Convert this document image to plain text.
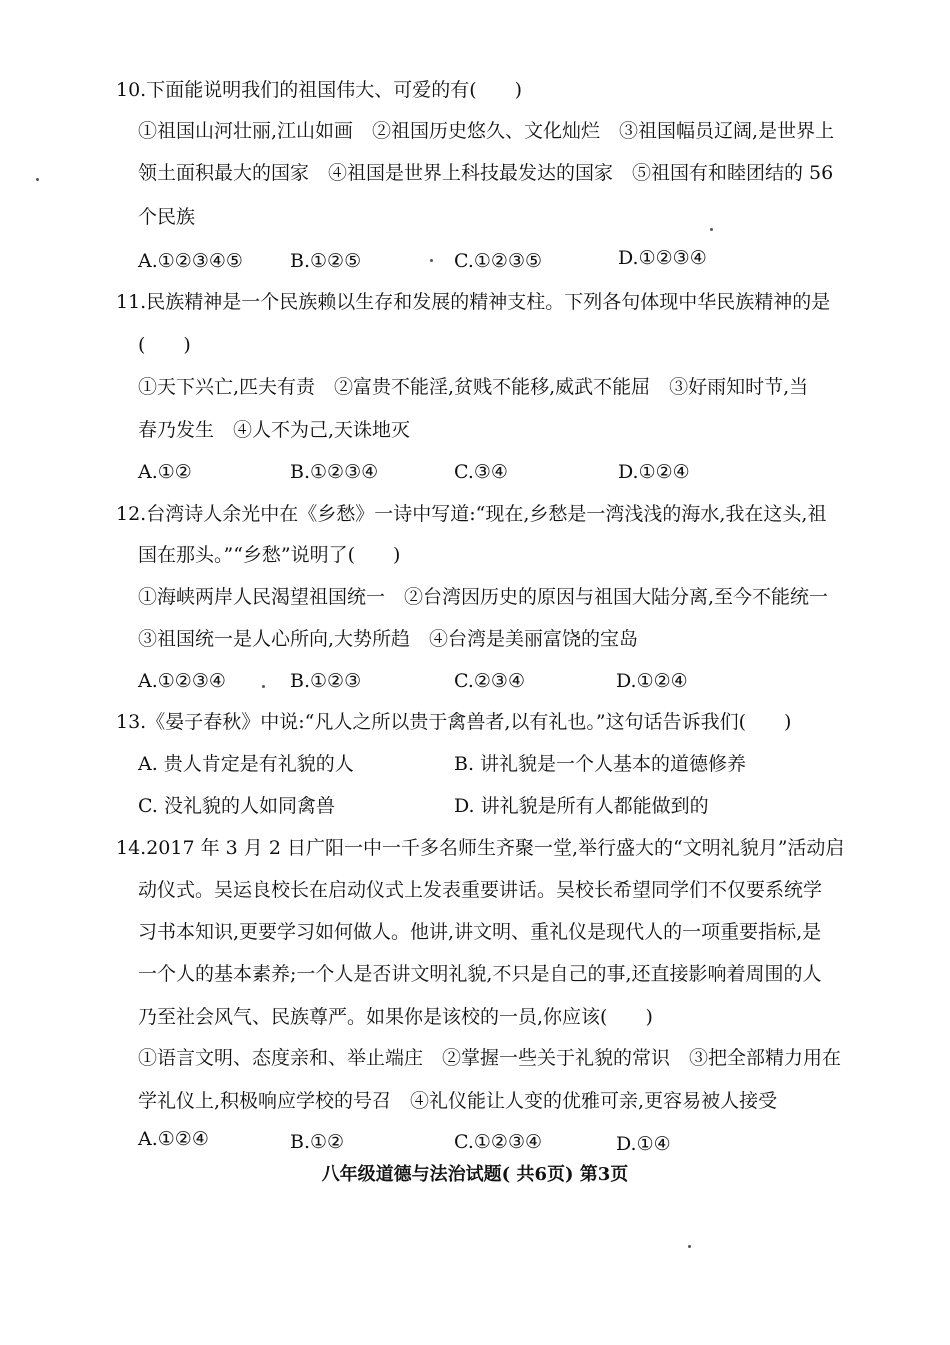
10.下面能说明我们的祖国伟大、可爱的有(　　)
①祖国山河壮丽,江山如画　②祖国历史悠久、文化灿烂　③祖国幅员辽阔,是世界上
领土面积最大的国家　④祖国是世界上科技最发达的国家　⑤祖国有和睦团结的 56
个民族
A.①②③④⑤ B.①②⑤	C.①②③⑤	D.①②③④
11.民族精神是一个民族赖以生存和发展的精神支柱。下列各句体现中华民族精神的是
(　　)
①天下兴亡,匹夫有责　②富贵不能淫,贫贱不能移,威武不能屈　③好雨知时节,当
春乃发生　④人不为己,天诛地灭
A.①②	B.①②③④	C.③④	D.①②④
12.台湾诗人余光中在《乡愁》一诗中写道:“现在,乡愁是一湾浅浅的海水,我在这头,祖
国在那头。”“乡愁”说明了(　　)
①海峡两岸人民渴望祖国统一　②台湾因历史的原因与祖国大陆分离,至今不能统一
③祖国统一是人心所向,大势所趋　④台湾是美丽富饶的宝岛
A.①②③④	B.①②③	C.②③④	D.①②④
13.《晏子春秋》中说:“凡人之所以贵于禽兽者,以有礼也。”这句话告诉我们(　　)
A. 贵人肯定是有礼貌的人	B. 讲礼貌是一个人基本的道德修养
C. 没礼貌的人如同禽兽	D. 讲礼貌是所有人都能做到的
14.2017 年 3 月 2 日广阳一中一千多名师生齐聚一堂,举行盛大的“文明礼貌月”活动启
动仪式。吴运良校长在启动仪式上发表重要讲话。吴校长希望同学们不仅要系统学
习书本知识,更要学习如何做人。他讲,讲文明、重礼仪是现代人的一项重要指标,是
一个人的基本素养;一个人是否讲文明礼貌,不只是自己的事,还直接影响着周围的人
乃至社会风气、民族尊严。如果你是该校的一员,你应该(　　)
①语言文明、态度亲和、举止端庄　②掌握一些关于礼貌的常识　③把全部精力用在
学礼仪上,积极响应学校的号召　④礼仪能让人变的优雅可亲,更容易被人接受
A.①②④	B.①②	C.①②③④	D.①④
八年级道德与法治试题( 共6页) 第3页
